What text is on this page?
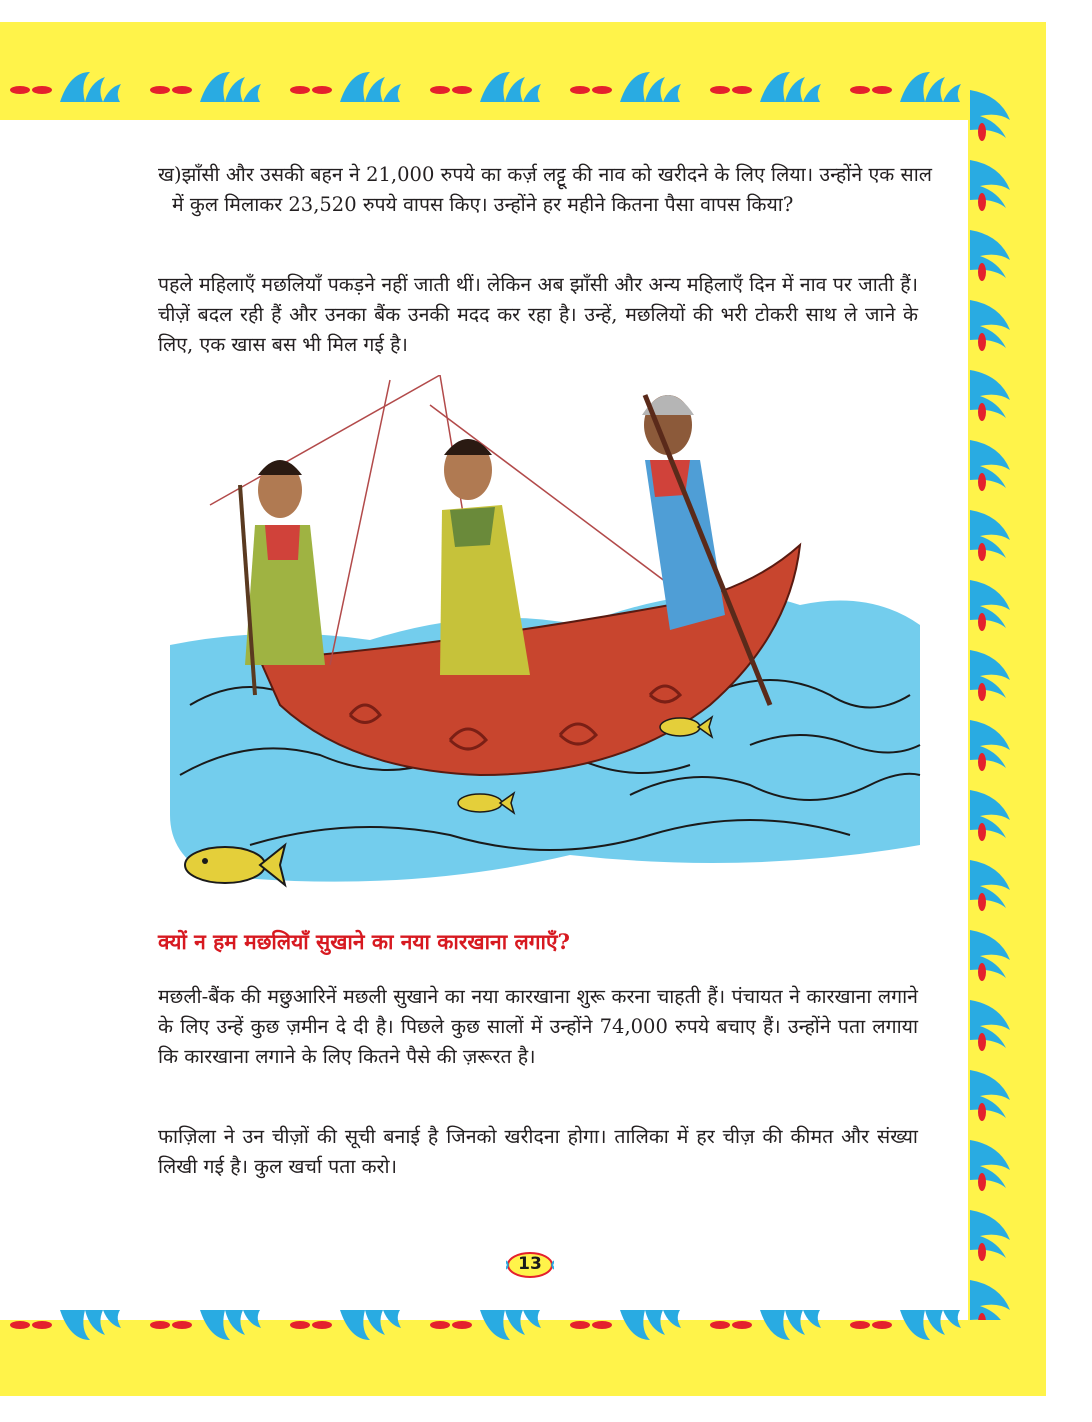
ख)झाँसी और उसकी बहन ने 21,000 रुपये का कर्ज़ लट्टू की नाव को खरीदने के लिए लिया। उन्होंने एक साल में कुल मिलाकर 23,520 रुपये वापस किए। उन्होंने हर महीने कितना पैसा वापस किया?
पहले महिलाएँ मछलियाँ पकड़ने नहीं जाती थीं। लेकिन अब झाँसी और अन्य महिलाएँ दिन में नाव पर जाती हैं। चीज़ें बदल रही हैं और उनका बैंक उनकी मदद कर रहा है। उन्हें, मछलियों की भरी टोकरी साथ ले जाने के लिए, एक खास बस भी मिल गई है।
क्यों न हम मछलियाँ सुखाने का नया कारखाना लगाएँ?
मछली-बैंक की मछुआरिनें मछली सुखाने का नया कारखाना शुरू करना चाहती हैं। पंचायत ने कारखाना लगाने के लिए उन्हें कुछ ज़मीन दे दी है। पिछले कुछ सालों में उन्होंने 74,000 रुपये बचाए हैं। उन्होंने पता लगाया कि कारखाना लगाने के लिए कितने पैसे की ज़रूरत है।
फाज़िला ने उन चीज़ों की सूची बनाई है जिनको खरीदना होगा। तालिका में हर चीज़ की कीमत और संख्या लिखी गई है। कुल खर्चा पता करो।
13
